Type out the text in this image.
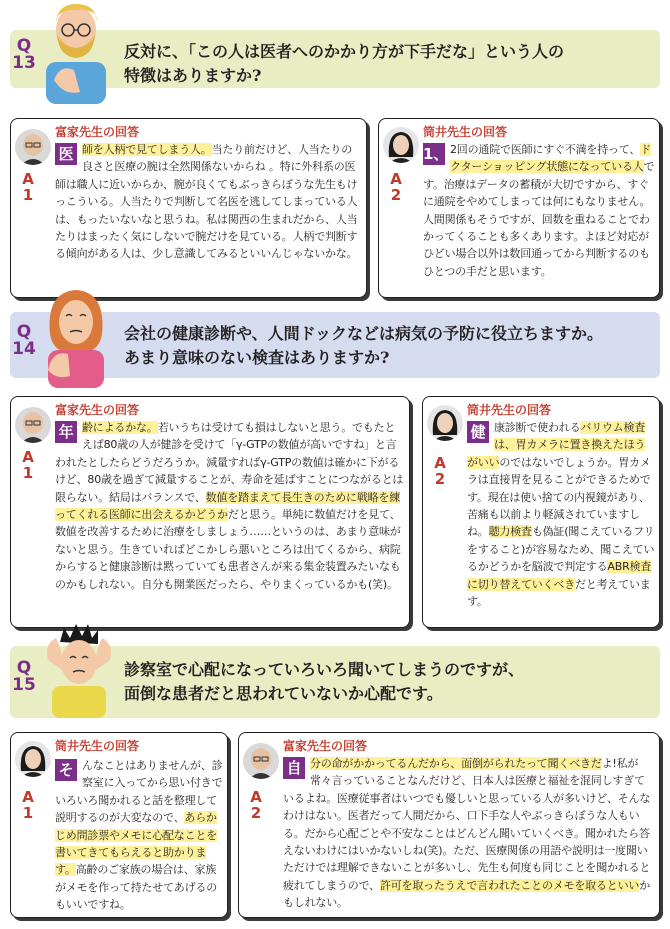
Q
13
反対に、「この人は医者へのかかり方が下手だな」という人の
特徴はありますか?
富家先生の回答
A
1
医 師を人柄で見てしまう人。当たり前だけど、人当たりの良さと医療の腕は全然関係ないからね 。特に外科系の医師は職人に近いからか、腕が良くてもぶっきらぼうな先生もけっこういる。人当たりで判断して名医を逃してしまっている人は、もったいないなと思うね。私は関西の生まれだから、人当たりはまったく気にしないで腕だけを見ている。人柄で判断する傾向がある人は、少し意識してみるといいんじゃないかな。
筒井先生の回答
A
2
1、 2回の通院で医師にすぐ不満を持って、ドクターショッピング状態になっている人です。治療はデータの蓄積が大切ですから、すぐに通院をやめてしまっては何にもなりません。人間関係もそうですが、回数を重ねることでわかってくることも多くあります。よほど対応がひどい場合以外は数回通ってから判断するのもひとつの手だと思います。
Q
14
会社の健康診断や、人間ドックなどは病気の予防に役立ちますか。
あまり意味のない検査はありますか?
富家先生の回答
A
1
年 齢によるかな。若いうちは受けても損はしないと思う。でもたとえば80歳の人が健診を受けて「γ-GTPの数値が高いですね」と言われたとしたらどうだろうか。減量すればγ-GTPの数値は確かに下がるけど、80歳を過ぎて減量することが、寿命を延ばすことにつながるとは限らない。結局はバランスで、数値を踏まえて長生きのために戦略を練ってくれる医師に出会えるかどうかだと思う。単純に数値だけを見て、数値を改善するために治療をしましょう……というのは、あまり意味がないと思う。生きていればどこかしら悪いところは出てくるから、病院からすると健康診断は黙っていても患者さんが来る集金装置みたいなものかもしれない。自分も開業医だったら、やりまくっているかも(笑)。
筒井先生の回答
A
2
健 康診断で使われるバリウム検査は、胃カメラに置き換えたほうがいいのではないでしょうか。胃カメラは直接胃を見ることができるためです。現在は使い捨ての内視鏡があり、苦痛も以前より軽減されていますしね。聴力検査も偽証(聞こえているフリをすること)が容易なため、聞こえているかどうかを脳波で判定するABR検査に切り替えていくべきだと考えています。
Q
15
診察室で心配になっていろいろ聞いてしまうのですが、
面倒な患者だと思われていないか心配です。
筒井先生の回答
A
1
そ んなことはありませんが、診察室に入ってから思い付きでいろいろ聞かれると話を整理して説明するのが大変なので、あらかじめ問診票やメモに心配なことを書いてきてもらえると助かります。高齢のご家族の場合は、家族がメモを作って持たせてあげるのもいいですね。
富家先生の回答
A
2
自 分の命がかかってるんだから、面倒がられたって聞くべきだよ!私が常々言っていることなんだけど、日本人は医療と福祉を混同しすぎているよね。医療従事者はいつでも優しいと思っている人が多いけど、そんなわけはない。医者だって人間だから、口下手な人やぶっきらぼうな人もいる。だから心配ごとや不安なことはどんどん聞いていくべき。聞かれたら答えないわけにはいかないしね(笑)。ただ、医療関係の用語や説明は一度聞いただけでは理解できないことが多いし、先生も何度も同じことを聞かれると疲れてしまうので、許可を取ったうえで言われたことのメモを取るといいかもしれない。
